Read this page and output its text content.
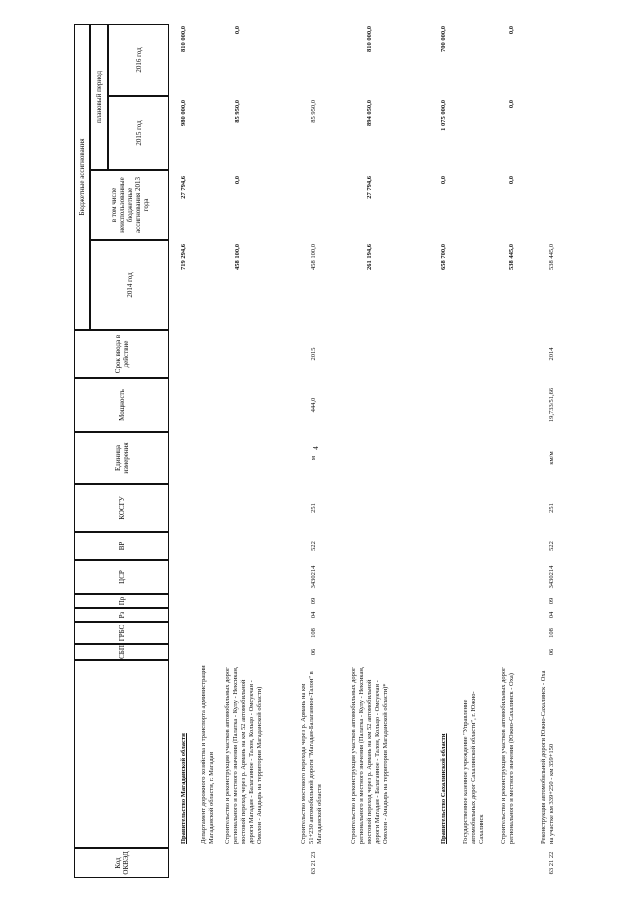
Код ОКВЭД
СБП
ГРБС
Рз
Пр
ЦСР
ВР
КОСГУ
Единица измерения
Мощность
Срок ввода в действие
Бюджетные ассигнования
2014 год
в том числе неиспользованные бюджетные ассигнования 2013 года
плановый период
2015 год
2016 год
Правительство Магаданской области
719 294,6
27 794,6
980 000,0
810 000,0
Департамент дорожного хозяйства и транспорта администрации Магаданской области, г. Магадан Строительство и реконструкция участков автомобильных дорог регионального и местного значения (Палатка - Кулу - Нексикан, мостовой переход через р. Армань на км 52 автомобильной дороги Магадан - Балаганное - Талон, Кольцо - Омсукчан - Омолон - Анадырь на территории Магаданской области)
458 100,0
0,0
85 950,0
0,0
63 21 23
Строительство мостового перехода через р. Армань на км 51+230 автомобильной дороги "Магадан-Балаганное-Талон" в Магаданской области
06
108
04
09
3430214
522
251
м
444,0
2015
458 100,0
85 950,0
Строительство и реконструкция участков автомобильных дорог регионального и местного значения (Палатка - Кулу - Нексикан, мостовой переход через р. Армань на км 52 автомобильной дороги Магадан - Балаганное - Талон, Кольцо - Омсукчан - Омолон - Анадырь на территории Магаданской области)*
261 194,6
27 794,6
894 050,0
810 000,0
Правительство Сахалинской области
658 700,0
0,0
1 075 000,0
700 000,0
Государственное казенное учреждение "Управление автомобильных дорог Сахалинской области", г. Южно-Сахалинск Строительство и реконструкция участков автомобильных дорог регионального и местного значения (Южно-Сахалинск - Оха)
538 445,0
0,0
0,0
0,0
63 21 22
Реконструкция автомобильной дороги Южно-Сахалинск - Оха на участке км 339+250 - км 359+150
06
108
04
09
3430214
522
251
км/м
19,733/51,66
2014
538 445,0
4
